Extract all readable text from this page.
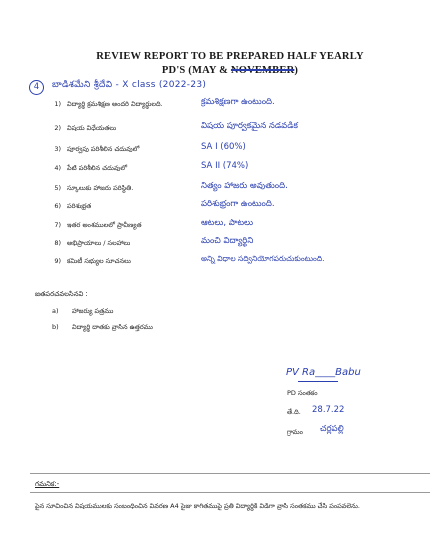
REVIEW REPORT TO BE PREPARED HALF YEARLY
PD'S (MAY & NOVEMBER)
4	బాడిశమేని శ్రీదేవి - X class (2022-23)
1) విద్యార్థి క్రమశిక్షణ అందరి విద్యార్థులది.	క్రమశిక్షణగా ఉంటుంది.
2) విషయ విధేయతలు	విషయ పూర్వకమైన నడవడిక
3) పూర్వపు పరిశీలిన చదువులో	SA I (60%)
4) పేటి పరిశీలిన చదువులో	SA II (74%)
5) స్కూలుకు హాజరు పరిస్థితి.	నిత్యం హాజరు అవుతుంది.
6) పరిశుభ్రత	పరిశుభ్రంగా ఉంటుంది.
7) ఇతర అంశములలో ప్రావీణ్యత	ఆటలు, పాటలు
8) అభిప్రాయాలు / సలహాలు	మంచి విద్యార్థిని
9) కమిటీ సభ్యుల సూచనలు	అన్ని విధాల సద్వినియోగపరుచుకుంటుంది.
జతపరచవలసినవి :
a) హాజర్యు పత్రము
b) విద్యార్థి దాతకు వ్రాసిన ఉత్తరము
PV Ra____Babu
PD సంతకం
తే.ది. 28.7.22
గ్రామం చర్లపల్లి
గమనిక:-
పైన సూచించిన విషయములకు సంబంధించిన వివరణ A4 సైజు కాగితముపై ప్రతి విద్యార్థికి విడిగా వ్రాసి సంతకము చేసి పంపవలెను.
